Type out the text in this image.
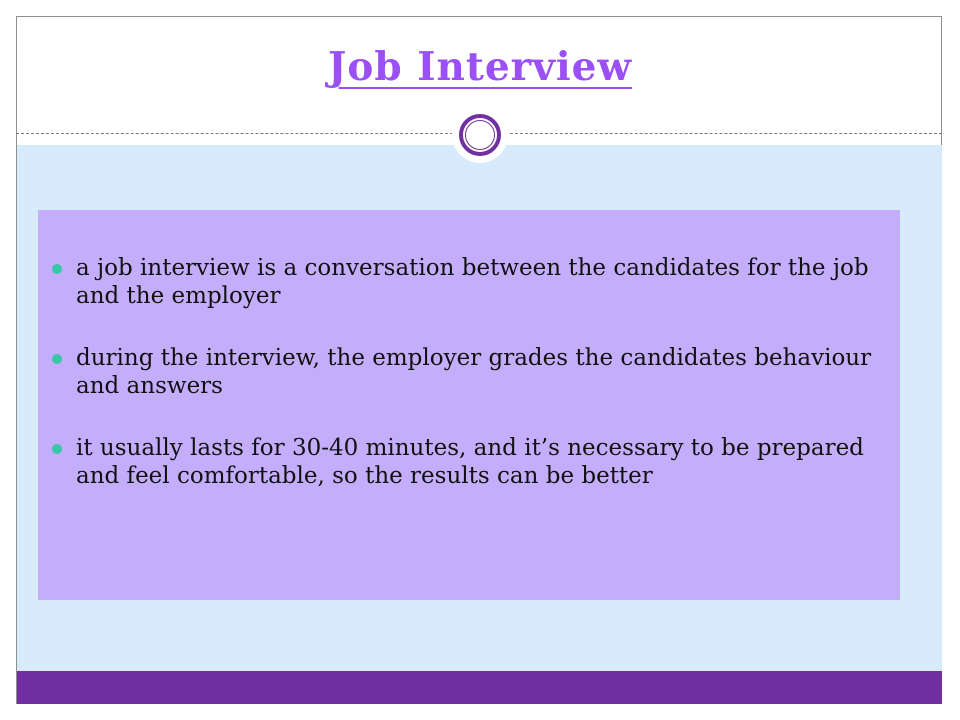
Job Interview
a job interview is a conversation between the candidates for the job and the employer
during the interview, the employer grades the candidates behaviour and answers
it usually lasts for 30-40 minutes, and it’s necessary to be prepared and feel comfortable, so the results can be better
